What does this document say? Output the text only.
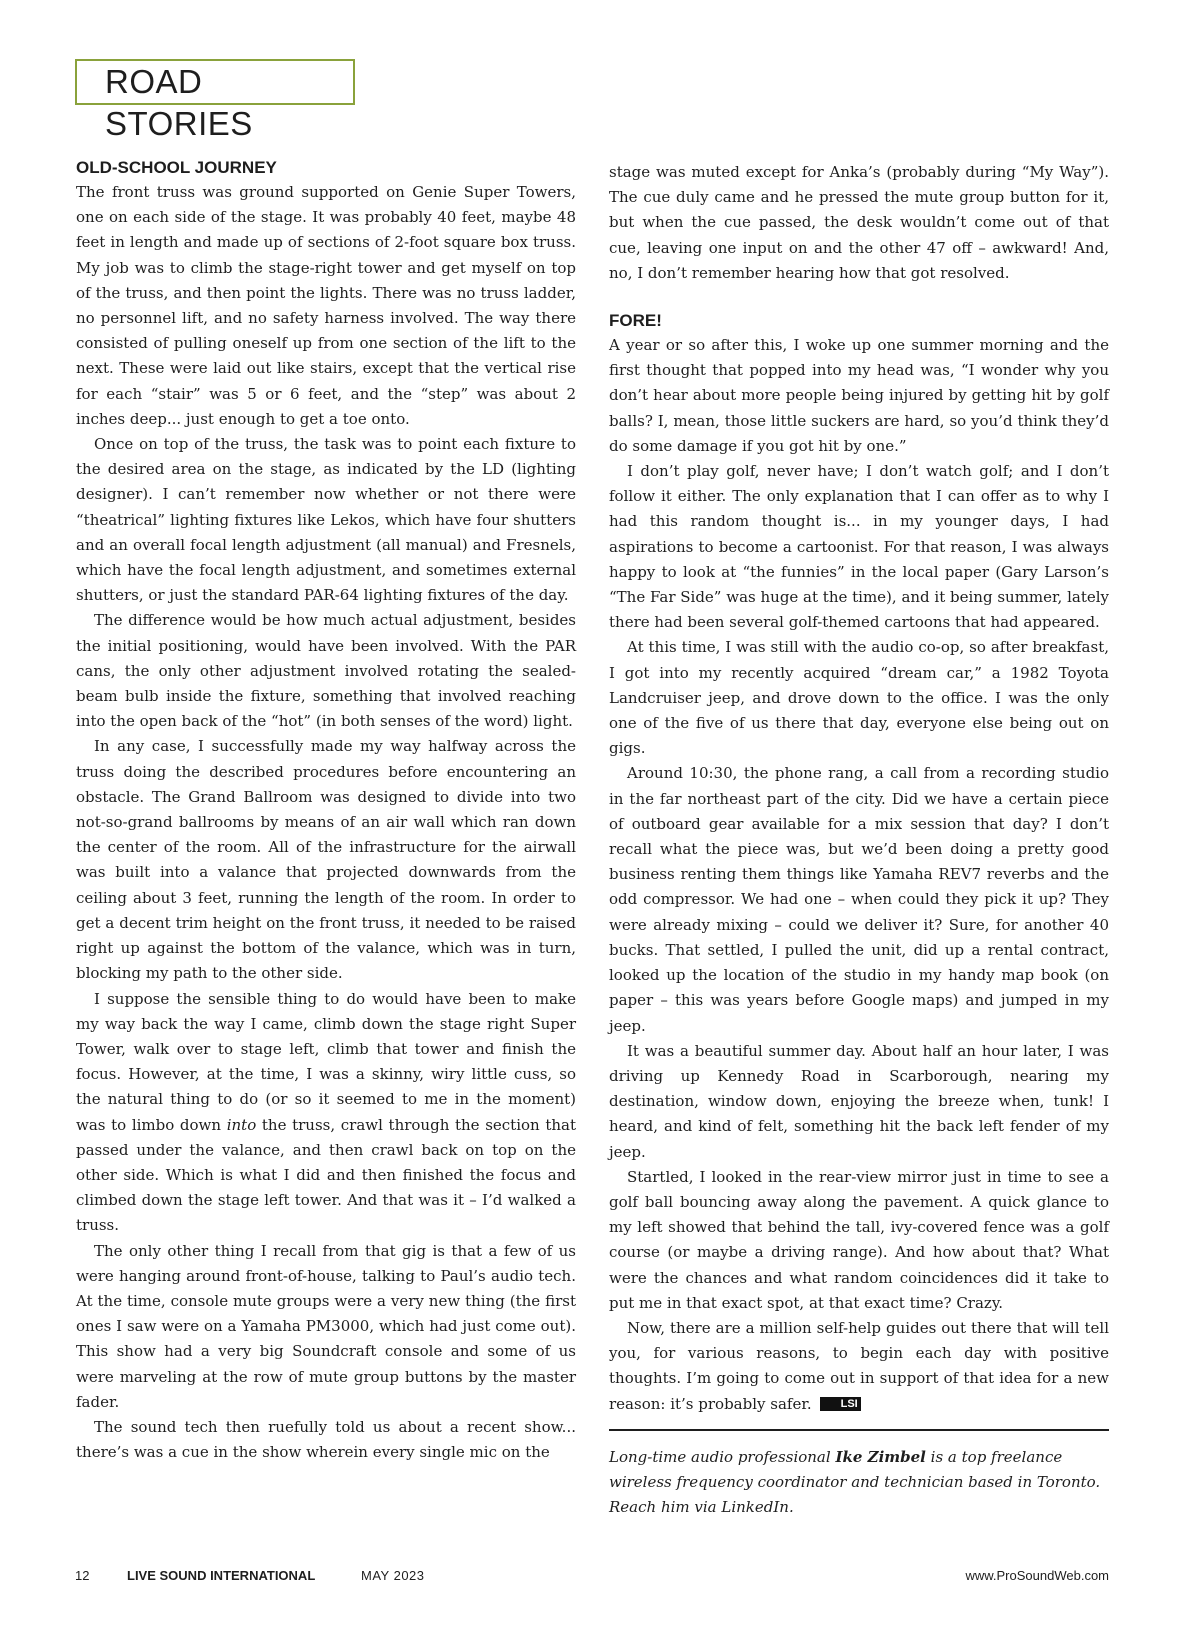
ROAD STORIES
OLD-SCHOOL JOURNEY

The front truss was ground supported on Genie Super Towers, one on each side of the stage. It was probably 40 feet, maybe 48 feet in length and made up of sections of 2-foot square box truss. My job was to climb the stage-right tower and get myself on top of the truss, and then point the lights. There was no truss ladder, no personnel lift, and no safety harness involved. The way there consisted of pulling oneself up from one section of the lift to the next. These were laid out like stairs, except that the vertical rise for each “stair” was 5 or 6 feet, and the “step” was about 2 inches deep... just enough to get a toe onto.

Once on top of the truss, the task was to point each fixture to the desired area on the stage, as indicated by the LD (lighting designer). I can’t remember now whether or not there were “theatrical” lighting fixtures like Lekos, which have four shutters and an overall focal length adjustment (all manual) and Fresnels, which have the focal length adjustment, and sometimes external shutters, or just the standard PAR-64 lighting fixtures of the day.

The difference would be how much actual adjustment, besides the initial positioning, would have been involved. With the PAR cans, the only other adjustment involved rotating the sealed-beam bulb inside the fixture, something that involved reaching into the open back of the “hot” (in both senses of the word) light.

In any case, I successfully made my way halfway across the truss doing the described procedures before encountering an obstacle. The Grand Ballroom was designed to divide into two not-so-grand ballrooms by means of an air wall which ran down the center of the room. All of the infrastructure for the airwall was built into a valance that projected downwards from the ceiling about 3 feet, running the length of the room. In order to get a decent trim height on the front truss, it needed to be raised right up against the bottom of the valance, which was in turn, blocking my path to the other side.

I suppose the sensible thing to do would have been to make my way back the way I came, climb down the stage right Super Tower, walk over to stage left, climb that tower and finish the focus. However, at the time, I was a skinny, wiry little cuss, so the natural thing to do (or so it seemed to me in the moment) was to limbo down into the truss, crawl through the section that passed under the valance, and then crawl back on top on the other side. Which is what I did and then finished the focus and climbed down the stage left tower. And that was it – I’d walked a truss.

The only other thing I recall from that gig is that a few of us were hanging around front-of-house, talking to Paul’s audio tech. At the time, console mute groups were a very new thing (the first ones I saw were on a Yamaha PM3000, which had just come out). This show had a very big Soundcraft console and some of us were marveling at the row of mute group buttons by the master fader.

The sound tech then ruefully told us about a recent show... there’s was a cue in the show wherein every single mic on the

stage was muted except for Anka’s (probably during “My Way”). The cue duly came and he pressed the mute group button for it, but when the cue passed, the desk wouldn’t come out of that cue, leaving one input on and the other 47 off – awkward! And, no, I don’t remember hearing how that got resolved.

FORE!

A year or so after this, I woke up one summer morning and the first thought that popped into my head was, “I wonder why you don’t hear about more people being injured by getting hit by golf balls? I, mean, those little suckers are hard, so you’d think they’d do some damage if you got hit by one.”

I don’t play golf, never have; I don’t watch golf; and I don’t follow it either. The only explanation that I can offer as to why I had this random thought is... in my younger days, I had aspirations to become a cartoonist. For that reason, I was always happy to look at “the funnies” in the local paper (Gary Larson’s “The Far Side” was huge at the time), and it being summer, lately there had been several golf-themed cartoons that had appeared.

At this time, I was still with the audio co-op, so after breakfast, I got into my recently acquired “dream car,” a 1982 Toyota Landcruiser jeep, and drove down to the office. I was the only one of the five of us there that day, everyone else being out on gigs.

Around 10:30, the phone rang, a call from a recording studio in the far northeast part of the city. Did we have a certain piece of outboard gear available for a mix session that day? I don’t recall what the piece was, but we’d been doing a pretty good business renting them things like Yamaha REV7 reverbs and the odd compressor. We had one – when could they pick it up? They were already mixing – could we deliver it? Sure, for another 40 bucks. That settled, I pulled the unit, did up a rental contract, looked up the location of the studio in my handy map book (on paper – this was years before Google maps) and jumped in my jeep.

It was a beautiful summer day. About half an hour later, I was driving up Kennedy Road in Scarborough, nearing my destination, window down, enjoying the breeze when, tunk! I heard, and kind of felt, something hit the back left fender of my jeep.

Startled, I looked in the rear-view mirror just in time to see a golf ball bouncing away along the pavement. A quick glance to my left showed that behind the tall, ivy-covered fence was a golf course (or maybe a driving range). And how about that? What were the chances and what random coincidences did it take to put me in that exact spot, at that exact time? Crazy.

Now, there are a million self-help guides out there that will tell you, for various reasons, to begin each day with positive thoughts. I’m going to come out in support of that idea for a new reason: it’s probably safer.	LSI

Long-time audio professional Ike Zimbel is a top freelance wireless frequency coordinator and technician based in Toronto. Reach him via LinkedIn.

12	LIVE SOUND INTERNATIONAL	MAY 2023	www.ProSoundWeb.com
